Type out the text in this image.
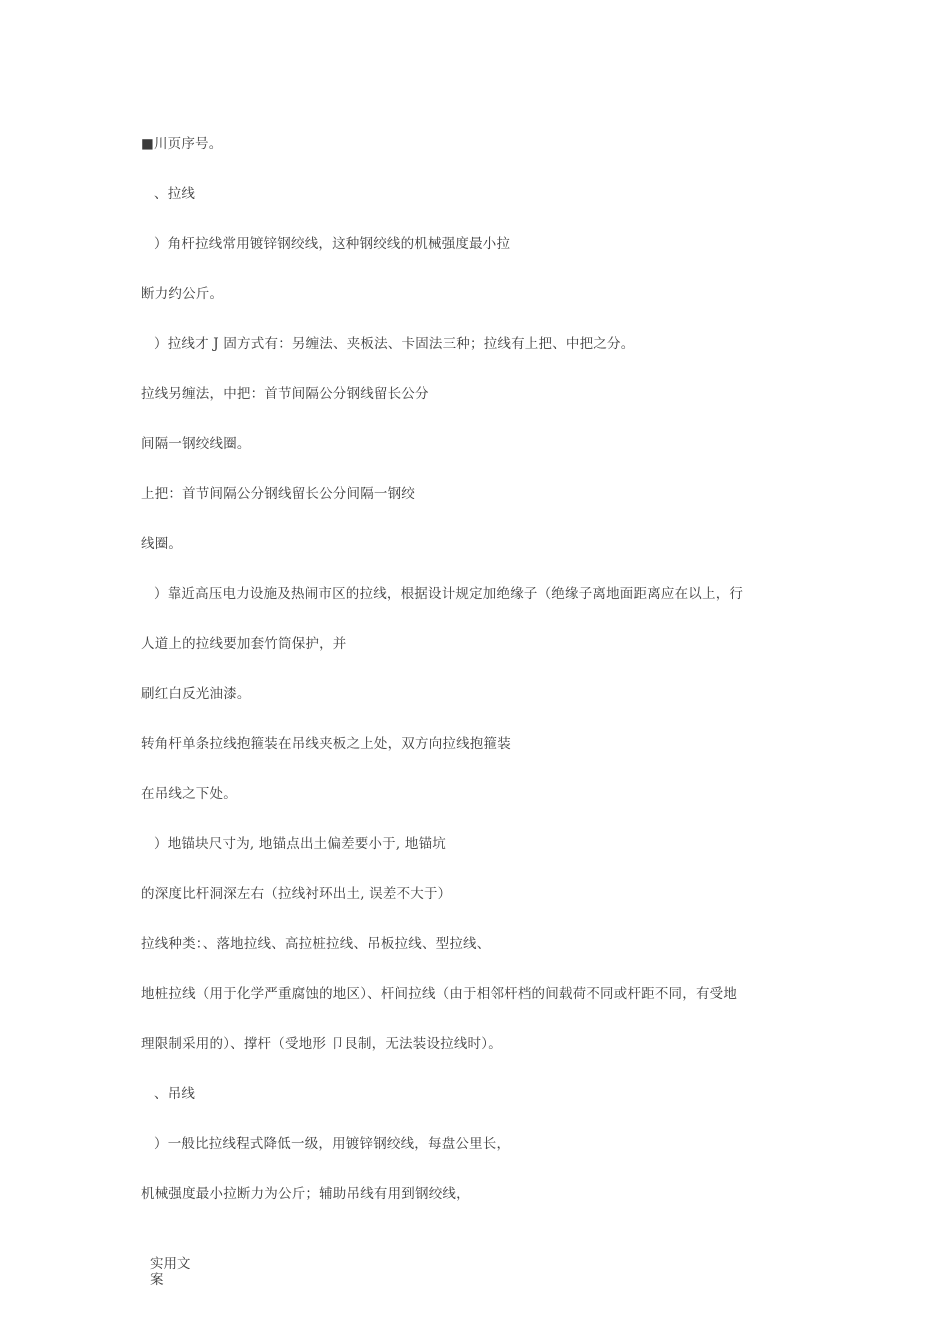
■川页序号。
、拉线
）角杆拉线常用镀锌钢绞线，这种钢绞线的机械强度最小拉
断力约公斤。
）拉线才 J 固方式有：另缠法、夹板法、卡固法三种；拉线有上把、中把之分。
拉线另缠法，中把：首节间隔公分钢线留长公分
间隔一钢绞线圈。
上把：首节间隔公分钢线留长公分间隔一钢绞
线圈。
）靠近高压电力设施及热闹市区的拉线，根据设计规定加绝缘子（绝缘子离地面距离应在以上，行
人道上的拉线要加套竹筒保护，并
刷红白反光油漆。
转角杆单条拉线抱箍装在吊线夹板之上处，双方向拉线抱箍装
在吊线之下处。
）地锚块尺寸为, 地锚点出土偏差要小于, 地锚坑
的深度比杆洞深左右（拉线衬环出土, 误差不大于）
拉线种类：、落地拉线、高拉桩拉线、吊板拉线、型拉线、
地桩拉线（用于化学严重腐蚀的地区）、杆间拉线（由于相邻杆档的间载荷不同或杆距不同，有受地
理限制采用的）、撑杆（受地形 卩艮制，无法装设拉线时）。
、吊线
）一般比拉线程式降低一级，用镀锌钢绞线，每盘公里长，
机械强度最小拉断力为公斤；辅助吊线有用到钢绞线，
实用文案
